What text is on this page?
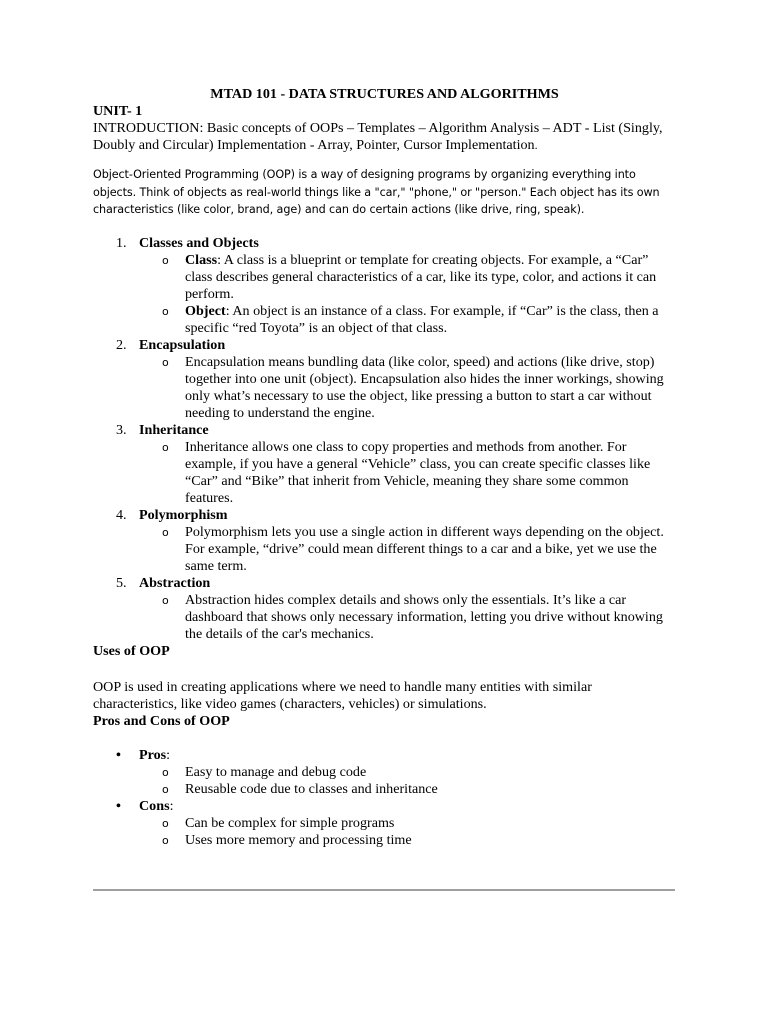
MTAD 101 - DATA STRUCTURES AND ALGORITHMS

UNIT- 1

INTRODUCTION: Basic concepts of OOPs – Templates – Algorithm Analysis – ADT - List (Singly, Doubly and Circular) Implementation - Array, Pointer, Cursor Implementation.

Object-Oriented Programming (OOP) is a way of designing programs by organizing everything into objects. Think of objects as real-world things like a "car," "phone," or "person." Each object has its own characteristics (like color, brand, age) and can do certain actions (like drive, ring, speak).

1. Classes and Objects
o Class: A class is a blueprint or template for creating objects. For example, a “Car” class describes general characteristics of a car, like its type, color, and actions it can perform.
o Object: An object is an instance of a class. For example, if “Car” is the class, then a specific “red Toyota” is an object of that class.
2. Encapsulation
o Encapsulation means bundling data (like color, speed) and actions (like drive, stop) together into one unit (object). Encapsulation also hides the inner workings, showing only what’s necessary to use the object, like pressing a button to start a car without needing to understand the engine.
3. Inheritance
o Inheritance allows one class to copy properties and methods from another. For example, if you have a general “Vehicle” class, you can create specific classes like “Car” and “Bike” that inherit from Vehicle, meaning they share some common features.
4. Polymorphism
o Polymorphism lets you use a single action in different ways depending on the object. For example, “drive” could mean different things to a car and a bike, yet we use the same term.
5. Abstraction
o Abstraction hides complex details and shows only the essentials. It’s like a car dashboard that shows only necessary information, letting you drive without knowing the details of the car's mechanics.
Uses of OOP

OOP is used in creating applications where we need to handle many entities with similar characteristics, like video games (characters, vehicles) or simulations.

Pros and Cons of OOP
• Pros:
o Easy to manage and debug code
o Reusable code due to classes and inheritance
• Cons:
o Can be complex for simple programs
o Uses more memory and processing time
